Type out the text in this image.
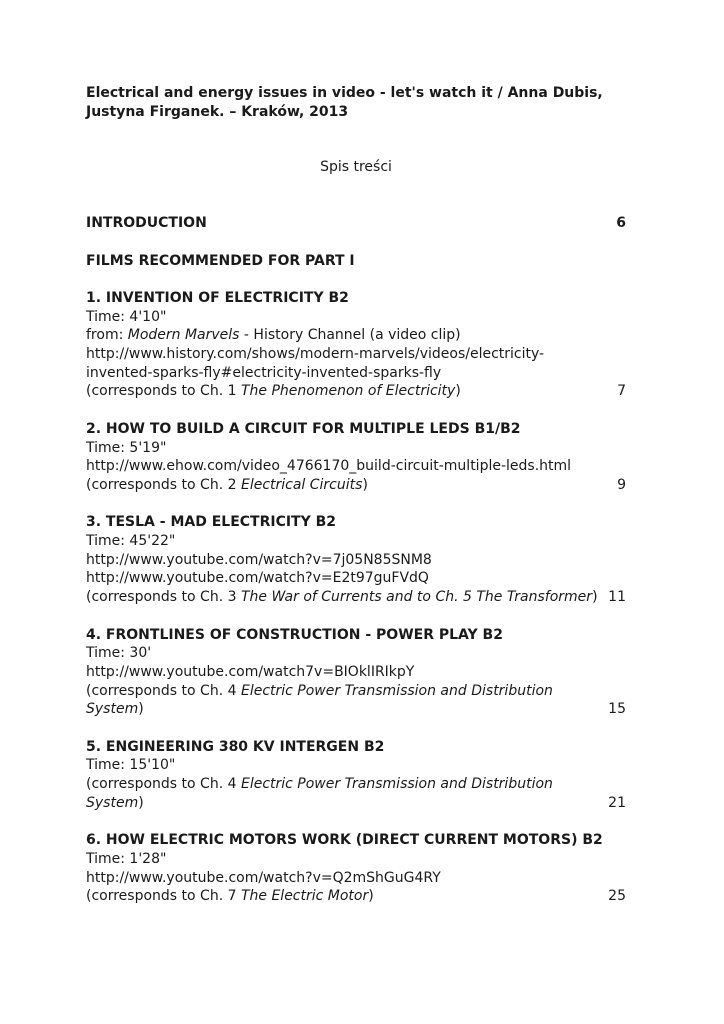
Electrical and energy issues in video - let's watch it / Anna Dubis,
Justyna Firganek. – Kraków, 2013
Spis treści
INTRODUCTION	6
FILMS RECOMMENDED FOR PART I
1. INVENTION OF ELECTRICITY B2
Time: 4'10"
from: Modern Marvels - History Channel (a video clip)
http://www.history.com/shows/modern-marvels/videos/electricity-
invented-sparks-fly#electricity-invented-sparks-fly
(corresponds to Ch. 1 The Phenomenon of Electricity)	7
2. HOW TO BUILD A CIRCUIT FOR MULTIPLE LEDS B1/B2
Time: 5'19"
http://www.ehow.com/video_4766170_build-circuit-multiple-leds.html
(corresponds to Ch. 2 Electrical Circuits)	9
3. TESLA - MAD ELECTRICITY B2
Time: 45'22"
http://www.youtube.com/watch?v=7j05N85SNM8
http://www.youtube.com/watch?v=E2t97guFVdQ
(corresponds to Ch. 3 The War of Currents and to Ch. 5 The Transformer) 11
4. FRONTLINES OF CONSTRUCTION - POWER PLAY B2
Time: 30'
http://www.youtube.com/watch7v=BIOklIRIkpY
(corresponds to Ch. 4 Electric Power Transmission and Distribution
System)	15
5. ENGINEERING 380 KV INTERGEN B2
Time: 15'10"
(corresponds to Ch. 4 Electric Power Transmission and Distribution
System)	21
6. HOW ELECTRIC MOTORS WORK (DIRECT CURRENT MOTORS) B2
Time: 1'28"
http://www.youtube.com/watch?v=Q2mShGuG4RY
(corresponds to Ch. 7 The Electric Motor)	25
